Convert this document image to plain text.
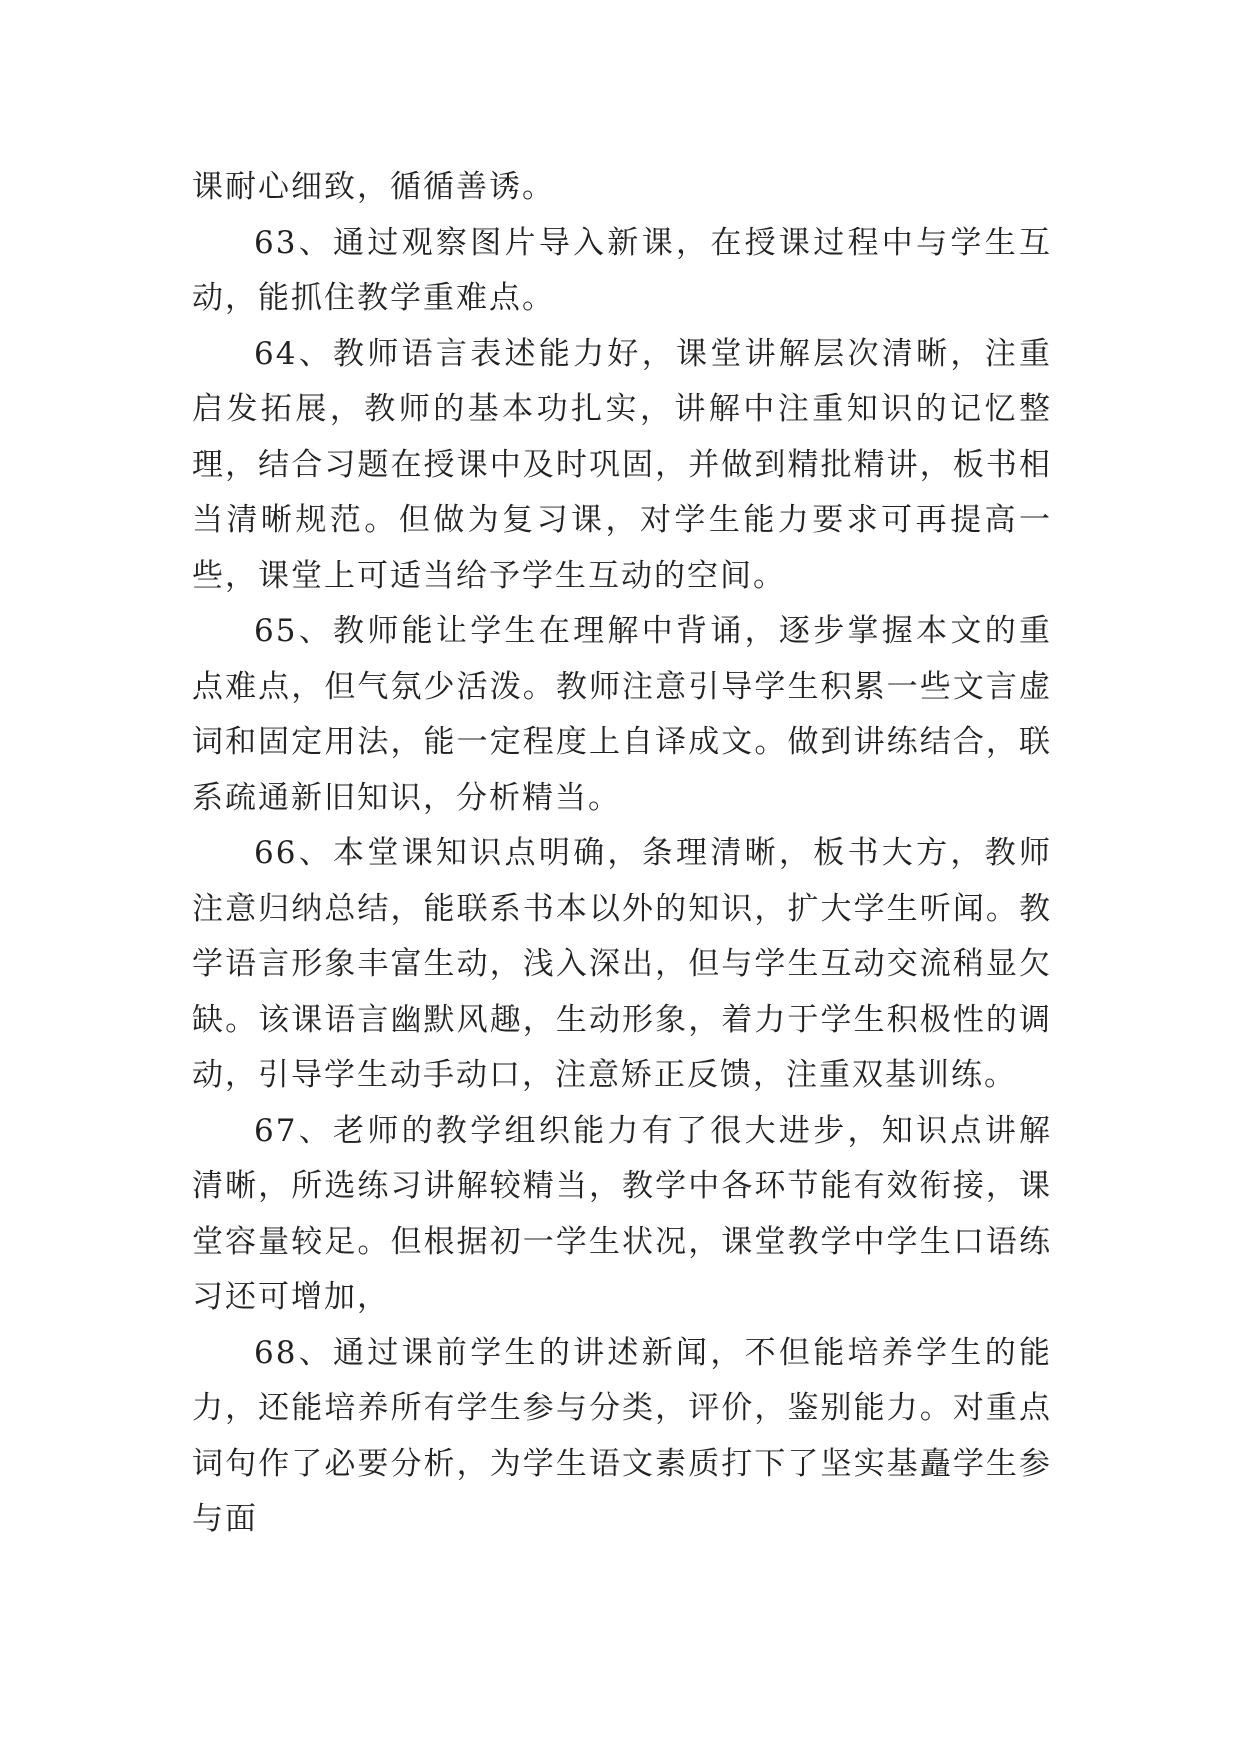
课耐心细致，循循善诱。

63、通过观察图片导入新课，在授课过程中与学生互动，能抓住教学重难点。

64、教师语言表述能力好，课堂讲解层次清晰，注重启发拓展，教师的基本功扎实，讲解中注重知识的记忆整理，结合习题在授课中及时巩固，并做到精批精讲，板书相当清晰规范。但做为复习课，对学生能力要求可再提高一些，课堂上可适当给予学生互动的空间。

65、教师能让学生在理解中背诵，逐步掌握本文的重点难点，但气氛少活泼。教师注意引导学生积累一些文言虚词和固定用法，能一定程度上自译成文。做到讲练结合，联系疏通新旧知识，分析精当。

66、本堂课知识点明确，条理清晰，板书大方，教师注意归纳总结，能联系书本以外的知识，扩大学生听闻。教学语言形象丰富生动，浅入深出，但与学生互动交流稍显欠缺。该课语言幽默风趣，生动形象，着力于学生积极性的调动，引导学生动手动口，注意矫正反馈，注重双基训练。

67、老师的教学组织能力有了很大进步，知识点讲解清晰，所选练习讲解较精当，教学中各环节能有效衔接，课堂容量较足。但根据初一学生状况，课堂教学中学生口语练习还可增加，

68、通过课前学生的讲述新闻，不但能培养学生的能力，还能培养所有学生参与分类，评价，鉴别能力。对重点词句作了必要分析，为学生语文素质打下了坚实基矗学生参与面
